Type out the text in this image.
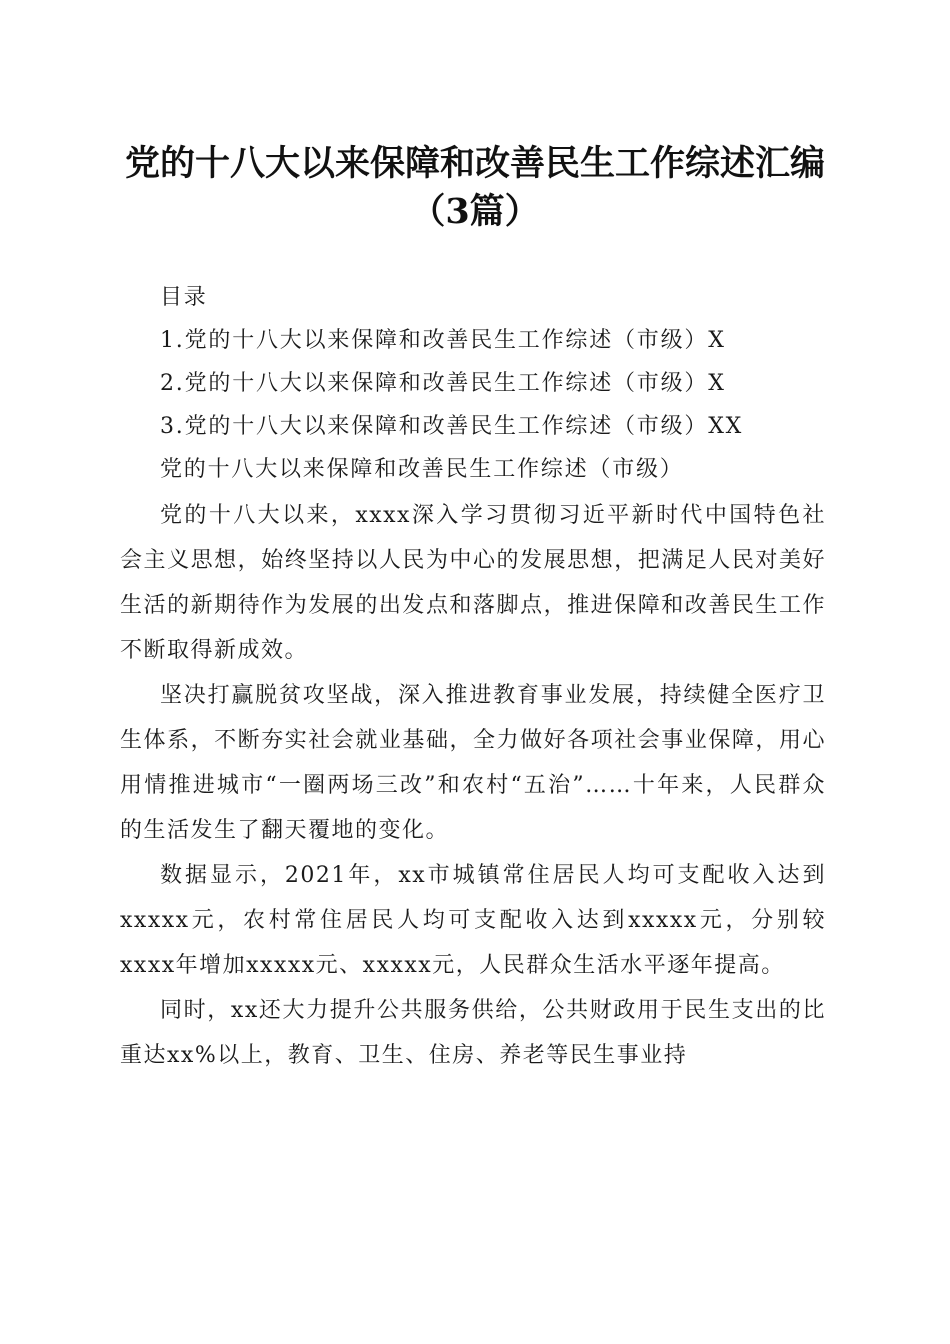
党的十八大以来保障和改善民生工作综述汇编
（3篇）

目录

1.党的十八大以来保障和改善民生工作综述（市级）X

2.党的十八大以来保障和改善民生工作综述（市级）X

3.党的十八大以来保障和改善民生工作综述（市级）XX

党的十八大以来保障和改善民生工作综述（市级）

党的十八大以来，xxxx深入学习贯彻习近平新时代中国特色社会主义思想，始终坚持以人民为中心的发展思想，把满足人民对美好生活的新期待作为发展的出发点和落脚点，推进保障和改善民生工作不断取得新成效。

坚决打赢脱贫攻坚战，深入推进教育事业发展，持续健全医疗卫生体系，不断夯实社会就业基础，全力做好各项社会事业保障，用心用情推进城市“一圈两场三改”和农村“五治”……十年来，人民群众的生活发生了翻天覆地的变化。

数据显示，2021年，xx市城镇常住居民人均可支配收入达到xxxxx元，农村常住居民人均可支配收入达到xxxxx元，分别较xxxx年增加xxxxx元、xxxxx元，人民群众生活水平逐年提高。

同时，xx还大力提升公共服务供给，公共财政用于民生支出的比重达xx%以上，教育、卫生、住房、养老等民生事业持
